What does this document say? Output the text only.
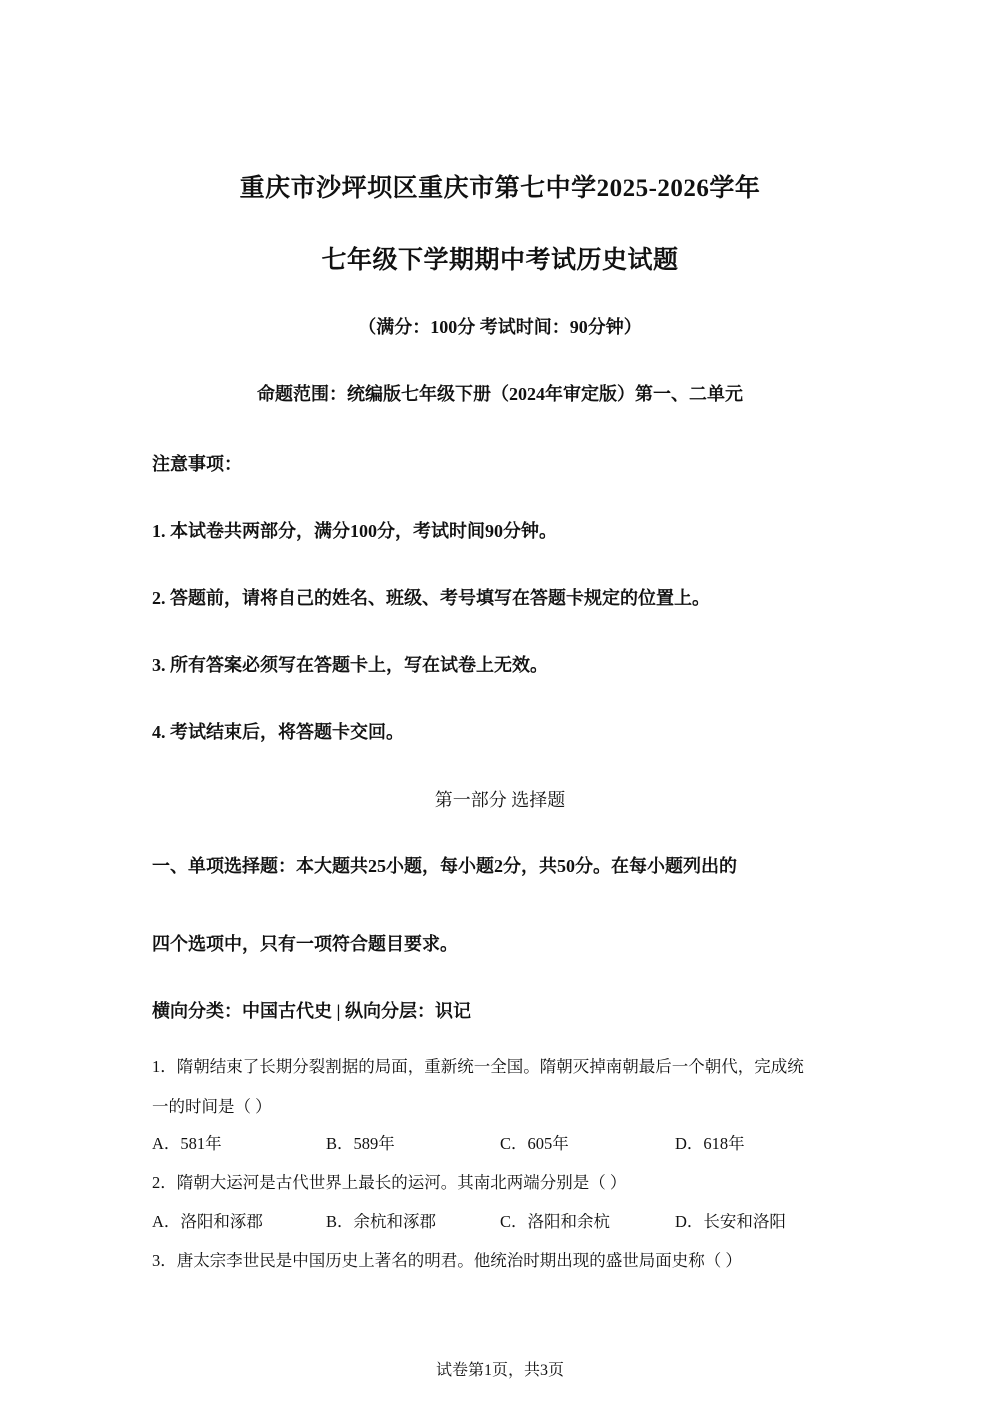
重庆市沙坪坝区重庆市第七中学2025-2026学年
七年级下学期期中考试历史试题
（满分：100分 考试时间：90分钟）
命题范围：统编版七年级下册（2024年审定版）第一、二单元
注意事项：
1. 本试卷共两部分，满分100分，考试时间90分钟。
2. 答题前，请将自己的姓名、班级、考号填写在答题卡规定的位置上。
3. 所有答案必须写在答题卡上，写在试卷上无效。
4. 考试结束后，将答题卡交回。
第一部分 选择题
一、单项选择题：本大题共25小题，每小题2分，共50分。在每小题列出的
四个选项中，只有一项符合题目要求。
横向分类：中国古代史 | 纵向分层：识记
1．隋朝结束了长期分裂割据的局面，重新统一全国。隋朝灭掉南朝最后一个朝代，完成统
一的时间是（ ）
A．581年	B．589年	C．605年	D．618年
2．隋朝大运河是古代世界上最长的运河。其南北两端分别是（ ）
A．洛阳和涿郡	B．余杭和涿郡	C．洛阳和余杭	D．长安和洛阳
3．唐太宗李世民是中国历史上著名的明君。他统治时期出现的盛世局面史称（ ）
试卷第1页，共3页
